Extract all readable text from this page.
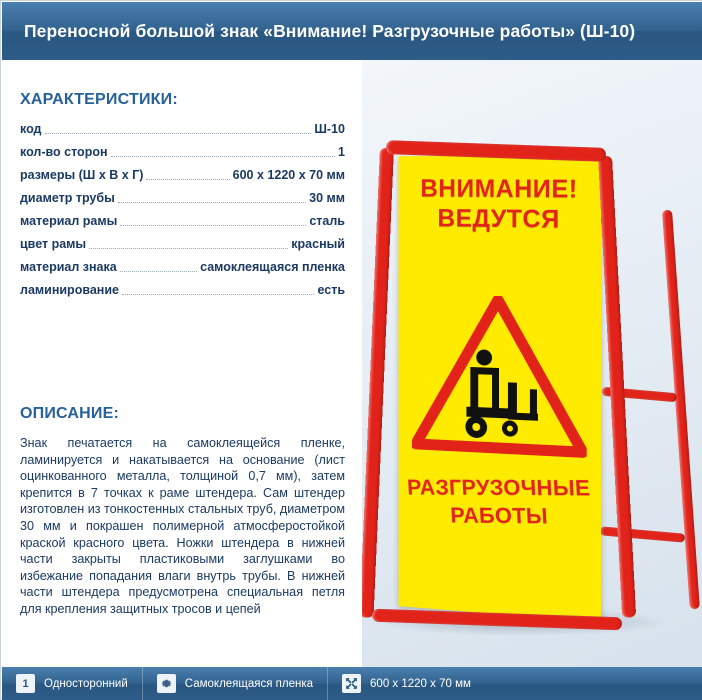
Переносной большой знак «Внимание! Разгрузочные работы» (Ш-10)
ХАРАКТЕРИСТИКИ:
код	Ш-10
кол-во сторон	1
размеры (Ш х В х Г)	600 x 1220 x 70 мм
диаметр трубы	30 мм
материал рамы	сталь
цвет рамы	красный
материал знака	самоклеящаяся пленка
ламинирование	есть
ОПИСАНИЕ:
Знак печатается на самоклеящейся пленке, ламинируется и накатывается на основание (лист оцинкованного металла, толщиной 0,7 мм), затем крепится в 7 точках к раме штендера. Сам штендер изготовлен из тонкостенных стальных труб, диаметром 30 мм и покрашен полимерной атмосферостойкой краской красного цвета. Ножки штендера в нижней части закрыты пластиковыми заглушками во избежание попадания влаги внутрь трубы. В нижней части штендера предусмотрена специальная петля для крепления защитных тросов и цепей
ВНИМАНИЕ!
ВЕДУТСЯ
РАЗГРУЗОЧНЫЕ
РАБОТЫ
1	Односторонний	Самоклеящаяся пленка	600 x 1220 x 70 мм
